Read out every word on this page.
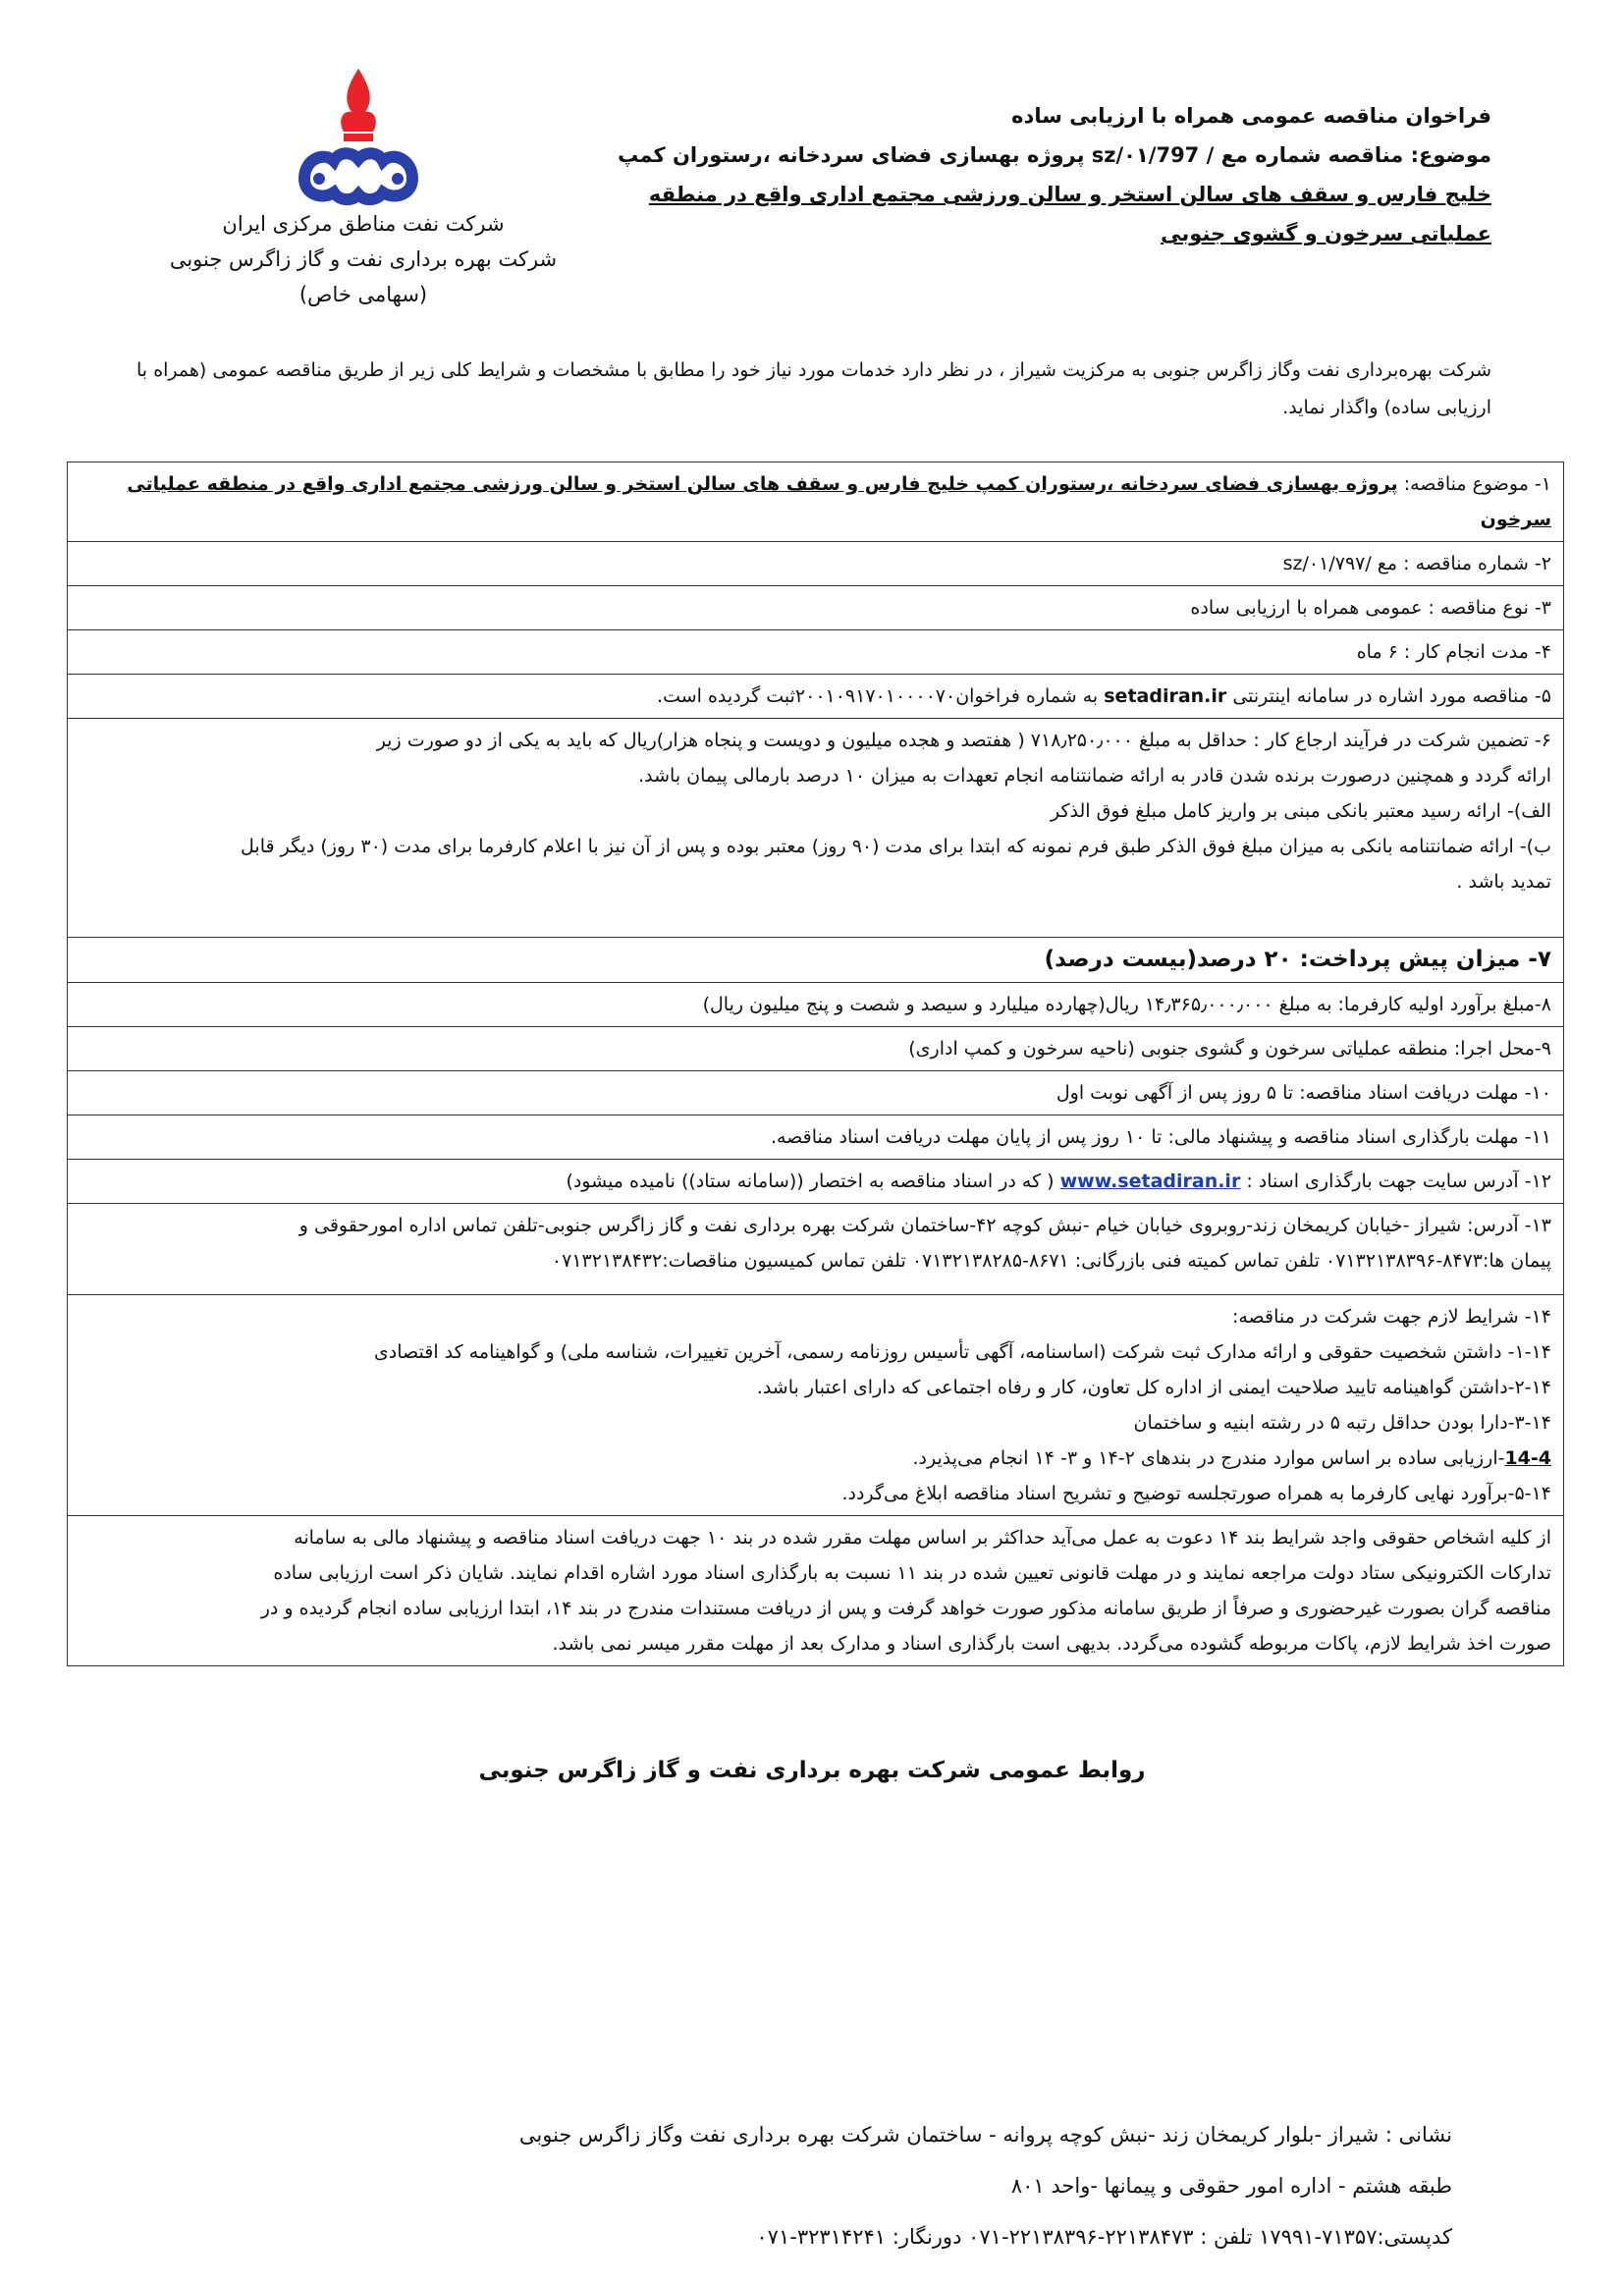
شرکت نفت مناطق مرکزی ایران
شرکت بهره برداری نفت و گاز زاگرس جنوبی
(سهامی خاص)
فراخوان مناقصه عمومی همراه با ارزیابی ساده
موضوع: مناقصه شماره مع / sz/۰۱/797 پروژه بهسازی فضای سردخانه ،رستوران کمپ
خلیج فارس و سقف های سالن استخر و سالن ورزشی مجتمع اداری واقع در منطقه
عملیاتی سرخون و گشوی جنوبی
شرکت بهره‌برداری نفت وگاز زاگرس جنوبی به مرکزیت شیراز ، در نظر دارد خدمات مورد نیاز خود را مطابق با مشخصات و شرایط کلی زیر از طریق مناقصه عمومی (همراه با ارزیابی ساده) واگذار نماید.
۱- موضوع مناقصه: پروژه بهسازی فضای سردخانه ،رستوران کمپ خلیج فارس و سقف های سالن استخر و سالن ورزشی مجتمع اداری واقع در منطقه عملیاتی سرخون
۲- شماره مناقصه : مع /sz/۰۱/۷۹۷
۳- نوع مناقصه : عمومی همراه با ارزیابی ساده
۴- مدت انجام کار : ۶ ماه
۵- مناقصه مورد اشاره در سامانه اینترنتی setadiran.ir به شماره فراخوان۲۰۰۱۰۹۱۷۰۱۰۰۰۰۷۰ثبت گردیده است.

۶- تضمین شرکت در فرآیند ارجاع کار : حداقل به مبلغ ۷۱۸٫۲۵۰٫۰۰۰ ( هفتصد و هجده میلیون و دویست و پنجاه هزار)ریال که باید به یکی از دو صورت زیر

ارائه گردد و همچنین درصورت برنده شدن قادر به ارائه ضمانتنامه انجام تعهدات به میزان ۱۰ درصد بارمالی پیمان باشد.

الف)- ارائه رسید معتبر بانکی مبنی بر واریز کامل مبلغ فوق الذکر

ب)- ارائه ضمانتنامه بانکی به میزان مبلغ فوق الذکر طبق فرم نمونه که ابتدا برای مدت (۹۰ روز) معتبر بوده و پس از آن نیز با اعلام کارفرما برای مدت (۳۰ روز) دیگر قابل

تمدید باشد .

۷- میزان پیش پرداخت: ۲۰ درصد(بیست درصد)
۸-مبلغ برآورد اولیه کارفرما: به مبلغ ۱۴٫۳۶۵٫۰۰۰٫۰۰۰ ریال(چهارده میلیارد و سیصد و شصت و پنج میلیون ریال)
۹-محل اجرا: منطقه عملیاتی سرخون و گشوی جنوبی (ناحیه سرخون و کمپ اداری)
۱۰- مهلت دریافت اسناد مناقصه: تا ۵ روز پس از آگهی نوبت اول
۱۱- مهلت بارگذاری اسناد مناقصه و پیشنهاد مالی: تا ۱۰ روز پس از پایان مهلت دریافت اسناد مناقصه.
۱۲- آدرس سایت جهت بارگذاری اسناد : www.setadiran.ir ( که در اسناد مناقصه به اختصار ((سامانه ستاد)) نامیده میشود)

۱۳- آدرس: شیراز -خیابان کریمخان زند-روبروی خیابان خیام -نبش کوچه ۴۲-ساختمان شرکت بهره برداری نفت و گاز زاگرس جنوبی-تلفن تماس اداره امورحقوقی و

پیمان ها:۸۴۷۳-۰۷۱۳۲۱۳۸۳۹۶ تلفن تماس کمیته فنی بازرگانی: ۸۶۷۱-۰۷۱۳۲۱۳۸۲۸۵ تلفن تماس کمیسیون مناقصات:۰۷۱۳۲۱۳۸۴۳۲

۱۴- شرایط لازم جهت شرکت در مناقصه:

۱-۱۴- داشتن شخصیت حقوقی و ارائه مدارک ثبت شرکت (اساسنامه، آگهی تأسیس روزنامه رسمی، آخرین تغییرات، شناسه ملی) و گواهینامه کد اقتصادی

۲-۱۴-داشتن گواهینامه تایید صلاحیت ایمنی از اداره کل تعاون، کار و رفاه اجتماعی که دارای اعتبار باشد.

۳-۱۴-دارا بودن حداقل رتبه ۵ در رشته ابنیه و ساختمان

14-4-ارزیابی ساده بر اساس موارد مندرج در بندهای ۲-۱۴ و ۳- ۱۴ انجام می‌پذیرد.

۵-۱۴-برآورد نهایی کارفرما به همراه صورتجلسه توضیح و تشریح اسناد مناقصه ابلاغ می‌گردد.

از کلیه اشخاص حقوقی واجد شرایط بند ۱۴ دعوت به عمل می‌آید حداکثر بر اساس مهلت مقرر شده در بند ۱۰ جهت دریافت اسناد مناقصه و پیشنهاد مالی به سامانه

تدارکات الکترونیکی ستاد دولت مراجعه نمایند و در مهلت قانونی تعیین شده در بند ۱۱ نسبت به بارگذاری اسناد مورد اشاره اقدام نمایند. شایان ذکر است ارزیابی ساده

مناقصه گران بصورت غیرحضوری و صرفاً از طریق سامانه مذکور صورت خواهد گرفت و پس از دریافت مستندات مندرج در بند ۱۴، ابتدا ارزیابی ساده انجام گردیده و در

صورت اخذ شرایط لازم، پاکات مربوطه گشوده می‌گردد. بدیهی است بارگذاری اسناد و مدارک بعد از مهلت مقرر میسر نمی باشد.

روابط عمومی شرکت بهره برداری نفت و گاز زاگرس جنوبی
نشانی : شیراز -بلوار کریمخان زند -نبش کوچه پروانه - ساختمان شرکت بهره برداری نفت وگاز زاگرس جنوبی
طبقه هشتم - اداره امور حقوقی و پیمانها -واحد ۸۰۱
کدپستی:۷۱۳۵۷-۱۷۹۹۱ تلفن : ۲۲۱۳۸۴۷۳-۲۲۱۳۸۳۹۶-۰۷۱ دورنگار: ۳۲۳۱۴۲۴۱-۰۷۱
